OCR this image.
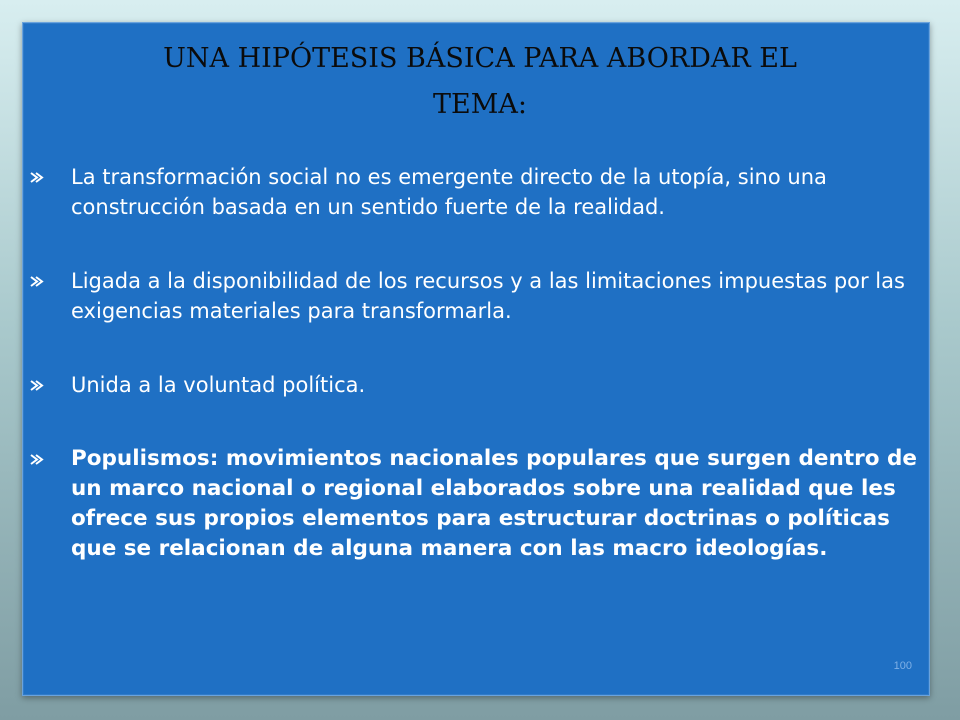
UNA HIPÓTESIS BÁSICA PARA ABORDAR EL
TEMA:
La transformación social no es emergente directo de la utopía, sino una construcción basada en un sentido fuerte de la realidad.
Ligada a la disponibilidad de los recursos y a las limitaciones impuestas por las exigencias materiales para transformarla.
Unida a la voluntad política.
Populismos: movimientos nacionales populares que surgen dentro de un marco nacional o regional elaborados sobre una realidad que les ofrece sus propios elementos para estructurar doctrinas o políticas que se relacionan de alguna manera con las macro ideologías.
100
